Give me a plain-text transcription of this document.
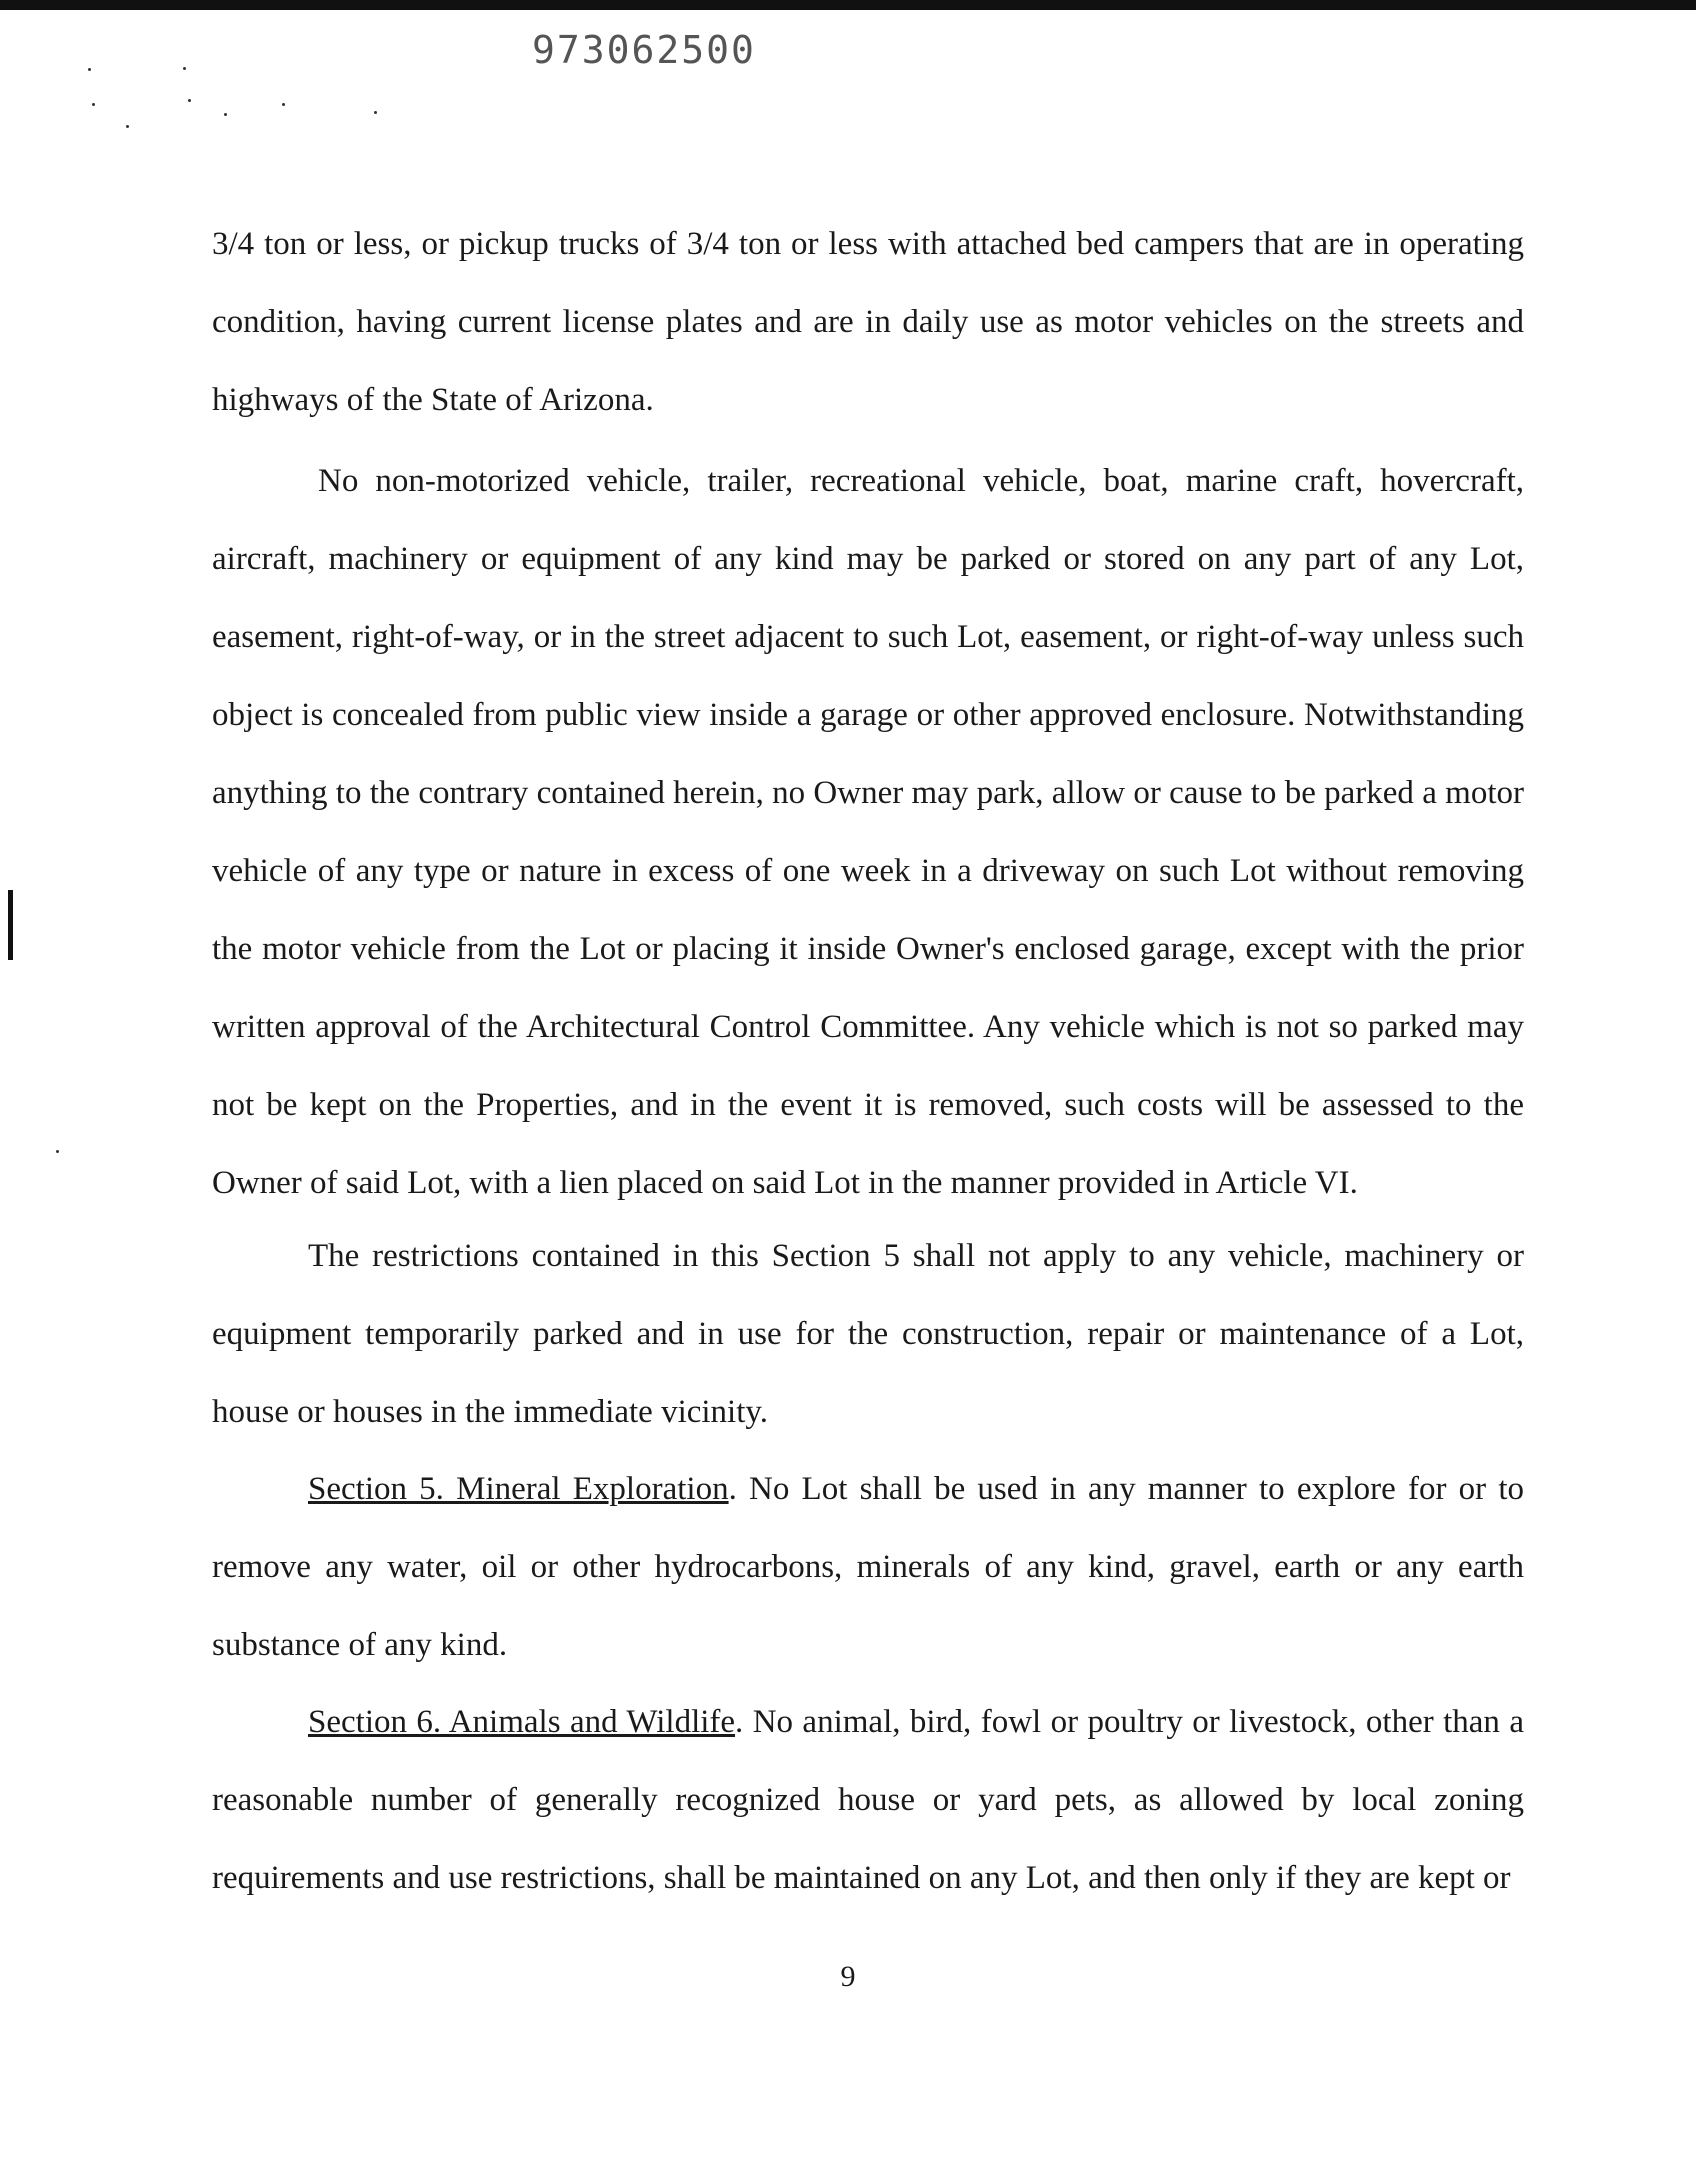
973062500

3/4 ton or less, or pickup trucks of 3/4 ton or less with attached bed campers that are in operating condition, having current license plates and are in daily use as motor vehicles on the streets and highways of the State of Arizona.

No non-motorized vehicle, trailer, recreational vehicle, boat, marine craft, hovercraft, aircraft, machinery or equipment of any kind may be parked or stored on any part of any Lot, easement, right-of-way, or in the street adjacent to such Lot, easement, or right-of-way unless such object is concealed from public view inside a garage or other approved enclosure. Notwithstanding anything to the contrary contained herein, no Owner may park, allow or cause to be parked a motor vehicle of any type or nature in excess of one week in a driveway on such Lot without removing the motor vehicle from the Lot or placing it inside Owner's enclosed garage, except with the prior written approval of the Architectural Control Committee. Any vehicle which is not so parked may not be kept on the Properties, and in the event it is removed, such costs will be assessed to the Owner of said Lot, with a lien placed on said Lot in the manner provided in Article VI.

The restrictions contained in this Section 5 shall not apply to any vehicle, machinery or equipment temporarily parked and in use for the construction, repair or maintenance of a Lot, house or houses in the immediate vicinity.

Section 5. Mineral Exploration. No Lot shall be used in any manner to explore for or to remove any water, oil or other hydrocarbons, minerals of any kind, gravel, earth or any earth substance of any kind.

Section 6. Animals and Wildlife. No animal, bird, fowl or poultry or livestock, other than a reasonable number of generally recognized house or yard pets, as allowed by local zoning requirements and use restrictions, shall be maintained on any Lot, and then only if they are kept or

9
